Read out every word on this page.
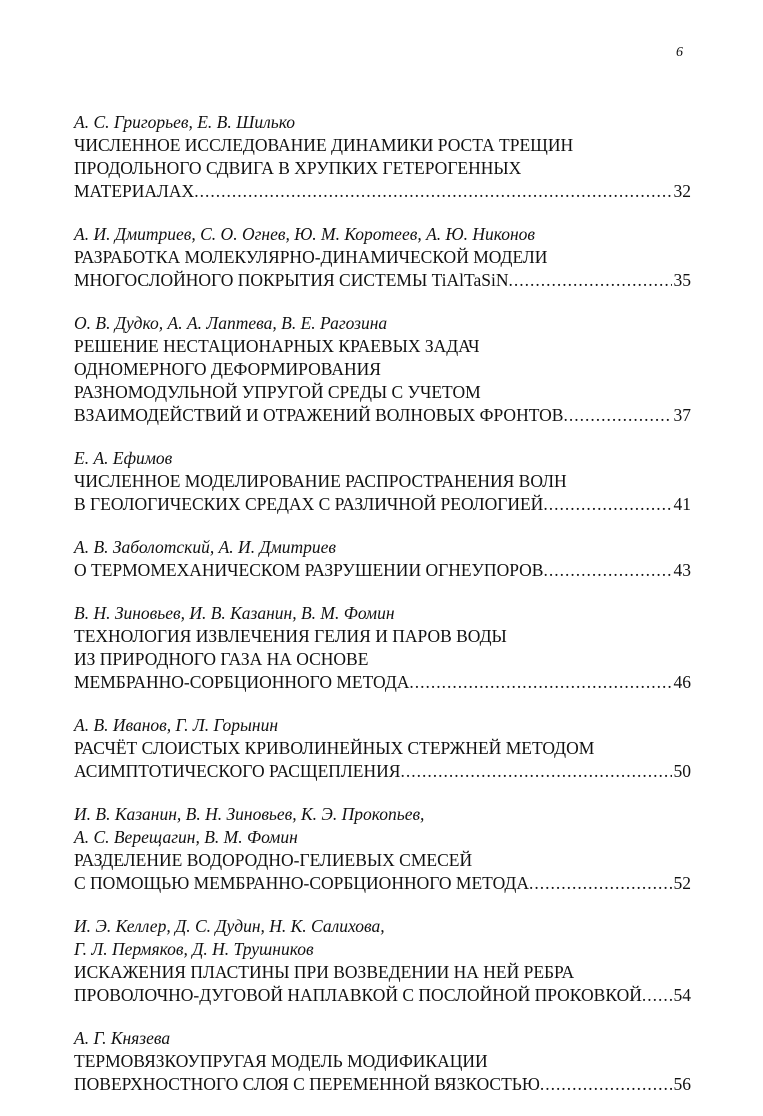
6
А. С. Григорьев, Е. В. Шилько
ЧИСЛЕННОЕ ИССЛЕДОВАНИЕ ДИНАМИКИ РОСТА ТРЕЩИН
ПРОДОЛЬНОГО СДВИГА В ХРУПКИХ ГЕТЕРОГЕННЫХ
МАТЕРИАЛАХ .....	32
А. И. Дмитриев, С. О. Огнев, Ю. М. Коротеев, А. Ю. Никонов
РАЗРАБОТКА МОЛЕКУЛЯРНО-ДИНАМИЧЕСКОЙ МОДЕЛИ
МНОГОСЛОЙНОГО ПОКРЫТИЯ СИСТЕМЫ TiAlTaSiN .....	35
О. В. Дудко, А. А. Лаптева, В. Е. Рагозина
РЕШЕНИЕ НЕСТАЦИОНАРНЫХ КРАЕВЫХ ЗАДАЧ
ОДНОМЕРНОГО ДЕФОРМИРОВАНИЯ
РАЗНОМОДУЛЬНОЙ УПРУГОЙ СРЕДЫ С УЧЕТОМ
ВЗАИМОДЕЙСТВИЙ И ОТРАЖЕНИЙ ВОЛНОВЫХ ФРОНТОВ .....	37
Е. А. Ефимов
ЧИСЛЕННОЕ МОДЕЛИРОВАНИЕ РАСПРОСТРАНЕНИЯ ВОЛН
В ГЕОЛОГИЧЕСКИХ СРЕДАХ С РАЗЛИЧНОЙ РЕОЛОГИЕЙ .....	41
А. В. Заболотский, А. И. Дмитриев
О ТЕРМОМЕХАНИЧЕСКОМ РАЗРУШЕНИИ ОГНЕУПОРОВ .....	43
В. Н. Зиновьев, И. В. Казанин, В. М. Фомин
ТЕХНОЛОГИЯ ИЗВЛЕЧЕНИЯ ГЕЛИЯ И ПАРОВ ВОДЫ
ИЗ ПРИРОДНОГО ГАЗА НА ОСНОВЕ
МЕМБРАННО-СОРБЦИОННОГО МЕТОДА .....	46
А. В. Иванов, Г. Л. Горынин
РАСЧЁТ СЛОИСТЫХ КРИВОЛИНЕЙНЫХ СТЕРЖНЕЙ МЕТОДОМ
АСИМПТОТИЧЕСКОГО РАСЩЕПЛЕНИЯ .....	50
И. В. Казанин, В. Н. Зиновьев, К. Э. Прокопьев,
А. С. Верещагин, В. М. Фомин
РАЗДЕЛЕНИЕ ВОДОРОДНО-ГЕЛИЕВЫХ СМЕСЕЙ
С ПОМОЩЬЮ МЕМБРАННО-СОРБЦИОННОГО МЕТОДА .....	52
И. Э. Келлер, Д. С. Дудин, Н. К. Салихова,
Г. Л. Пермяков, Д. Н. Трушников
ИСКАЖЕНИЯ ПЛАСТИНЫ ПРИ ВОЗВЕДЕНИИ НА НЕЙ РЕБРА
ПРОВОЛОЧНО-ДУГОВОЙ НАПЛАВКОЙ С ПОСЛОЙНОЙ ПРОКОВКОЙ ..... 54
А. Г. Князева
ТЕРМОВЯЗКОУПРУГАЯ МОДЕЛЬ МОДИФИКАЦИИ
ПОВЕРХНОСТНОГО СЛОЯ С ПЕРЕМЕННОЙ ВЯЗКОСТЬЮ .....	56
